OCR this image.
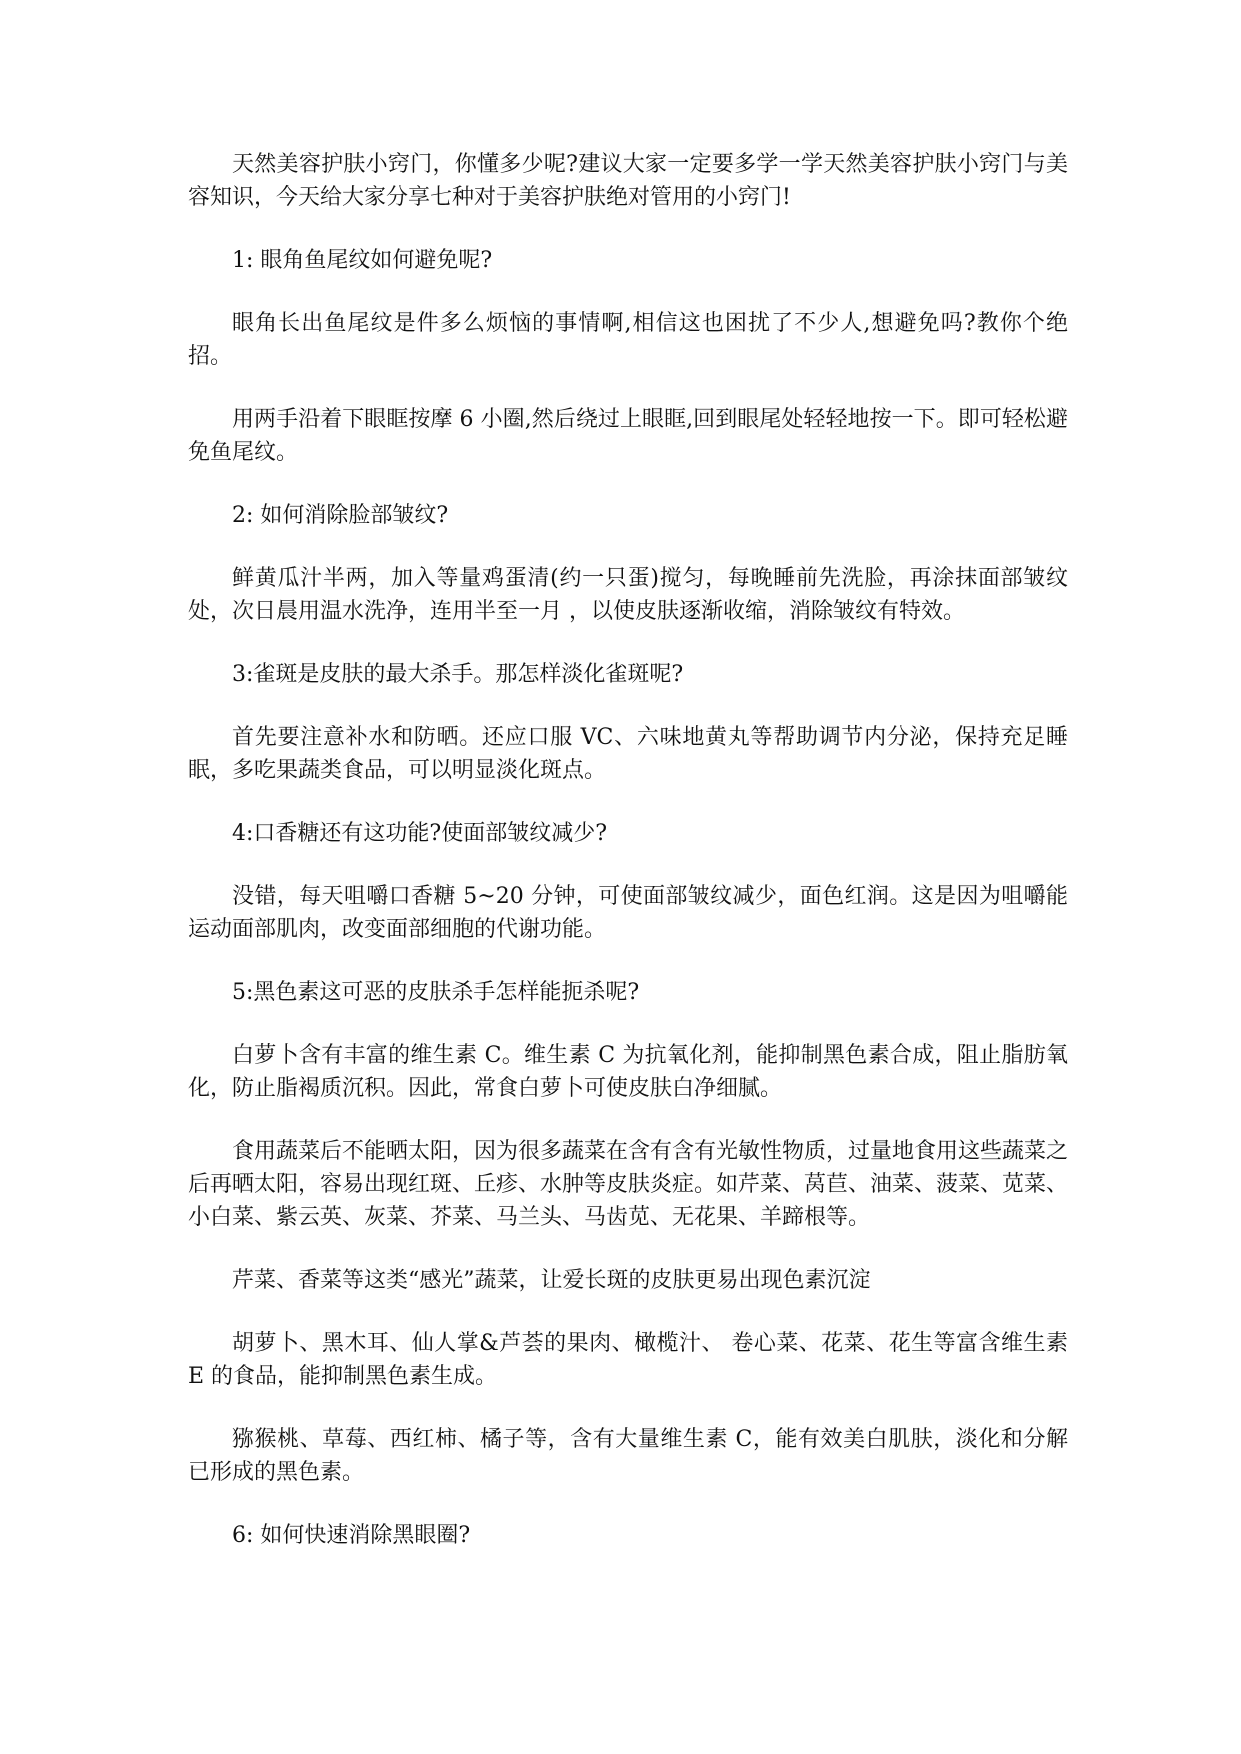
天然美容护肤小窍门，你懂多少呢?建议大家一定要多学一学天然美容护肤小窍门与美容知识，今天给大家分享七种对于美容护肤绝对管用的小窍门!

1: 眼角鱼尾纹如何避免呢?

眼角长出鱼尾纹是件多么烦恼的事情啊,相信这也困扰了不少人,想避免吗?教你个绝招。

用两手沿着下眼眶按摩 6 小圈,然后绕过上眼眶,回到眼尾处轻轻地按一下。即可轻松避免鱼尾纹。

2: 如何消除脸部皱纹?

鲜黄瓜汁半两，加入等量鸡蛋清(约一只蛋)搅匀，每晚睡前先洗脸，再涂抹面部皱纹处，次日晨用温水洗净，连用半至一月 ，以使皮肤逐渐收缩，消除皱纹有特效。

3:雀斑是皮肤的最大杀手。那怎样淡化雀斑呢?

首先要注意补水和防晒。还应口服 VC、六味地黄丸等帮助调节内分泌，保持充足睡眠，多吃果蔬类食品，可以明显淡化斑点。

4:口香糖还有这功能?使面部皱纹减少?

没错，每天咀嚼口香糖 5~20 分钟，可使面部皱纹减少，面色红润。这是因为咀嚼能运动面部肌肉，改变面部细胞的代谢功能。

5:黑色素这可恶的皮肤杀手怎样能扼杀呢?

白萝卜含有丰富的维生素 C。维生素 C 为抗氧化剂，能抑制黑色素合成，阻止脂肪氧化，防止脂褐质沉积。因此，常食白萝卜可使皮肤白净细腻。

食用蔬菜后不能晒太阳，因为很多蔬菜在含有含有光敏性物质，过量地食用这些蔬菜之后再晒太阳，容易出现红斑、丘疹、水肿等皮肤炎症。如芹菜、莴苣、油菜、菠菜、苋菜、小白菜、紫云英、灰菜、芥菜、马兰头、马齿苋、无花果、羊蹄根等。

芹菜、香菜等这类“感光”蔬菜，让爱长斑的皮肤更易出现色素沉淀

胡萝卜、黑木耳、仙人掌&芦荟的果肉、橄榄汁、 卷心菜、花菜、花生等富含维生素 E 的食品，能抑制黑色素生成。

猕猴桃、草莓、西红柿、橘子等，含有大量维生素 C，能有效美白肌肤，淡化和分解已形成的黑色素。

6: 如何快速消除黑眼圈?
